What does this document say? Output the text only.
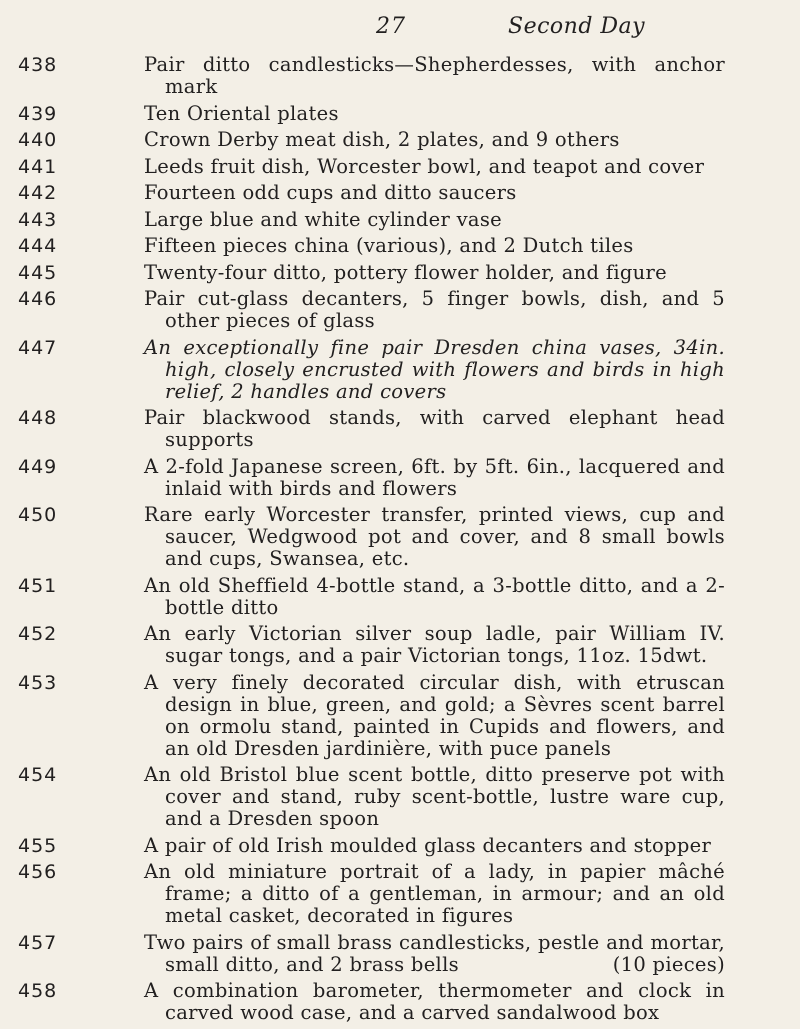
27	Second Day
438	Pair ditto candlesticks—Shepherdesses, with anchor mark
439	Ten Oriental plates
440	Crown Derby meat dish, 2 plates, and 9 others
441	Leeds fruit dish, Worcester bowl, and teapot and cover
442	Fourteen odd cups and ditto saucers
443	Large blue and white cylinder vase
444	Fifteen pieces china (various), and 2 Dutch tiles
445	Twenty-four ditto, pottery flower holder, and figure
446	Pair cut-glass decanters, 5 finger bowls, dish, and 5 other pieces of glass
447	An exceptionally fine pair Dresden china vases, 34in. high, closely encrusted with flowers and birds in high relief, 2 handles and covers
448	Pair blackwood stands, with carved elephant head supports
449	A 2-fold Japanese screen, 6ft. by 5ft. 6in., lacquered and inlaid with birds and flowers
450	Rare early Worcester transfer, printed views, cup and saucer, Wedgwood pot and cover, and 8 small bowls and cups, Swansea, etc.
451	An old Sheffield 4-bottle stand, a 3-bottle ditto, and a 2-bottle ditto
452	An early Victorian silver soup ladle, pair William IV. sugar tongs, and a pair Victorian tongs, 11oz. 15dwt.
453	A very finely decorated circular dish, with etruscan design in blue, green, and gold; a Sèvres scent barrel on ormolu stand, painted in Cupids and flowers, and an old Dresden jardinière, with puce panels
454	An old Bristol blue scent bottle, ditto preserve pot with cover and stand, ruby scent-bottle, lustre ware cup, and a Dresden spoon
455	A pair of old Irish moulded glass decanters and stopper
456	An old miniature portrait of a lady, in papier mâché frame; a ditto of a gentleman, in armour; and an old metal casket, decorated in figures
457	Two pairs of small brass candlesticks, pestle and mortar, small ditto, and 2 brass bells	(10 pieces)
458	A combination barometer, thermometer and clock in carved wood case, and a carved sandalwood box
